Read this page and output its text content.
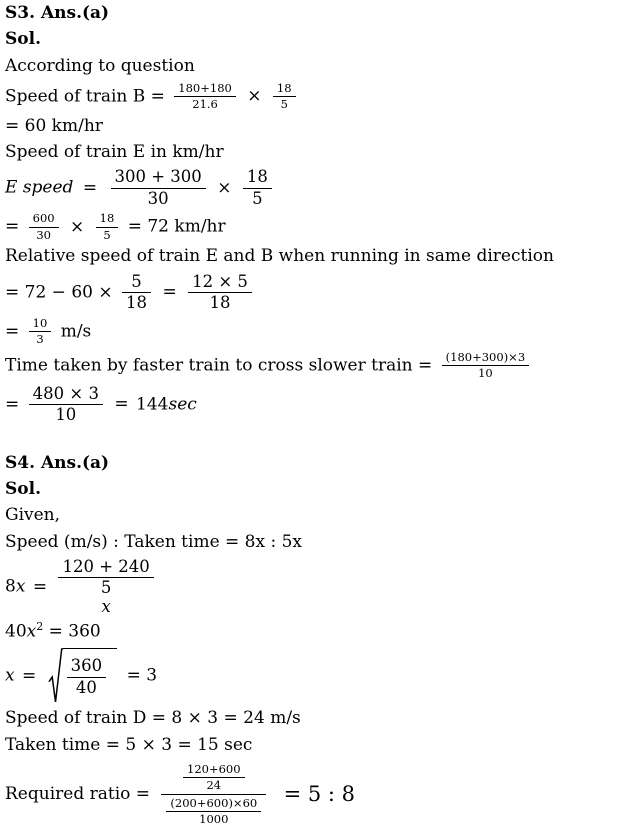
S3. Ans.(a)
Sol.
According to question
Speed of train $B = \frac{180+180}{21.6} \times \frac{18}{5}$
= 60 km/hr
Speed of train E in km/hr
E speed = $\frac{300 + 300}{30} \times \frac{18}{5}$
= $\frac{600}{30} \times \frac{18}{5} = 72$ km/hr
Relative speed of train E and B when running in same direction
= $72 - 60 \times \frac{5}{18} = \frac{12 \times 5}{18}$
= $\frac{10}{3} m/s$
Time taken by faster train to cross slower train = $\frac{(180+300)\times 3}{10}$
= $\frac{480 \times 3}{10} = 144\sec$
S4. Ans.(a)
Sol.
Given,
Speed (m/s) : Taken time = 8x : 5x
8x = 120 + 240
5
x
$40x^2 = 360$
$x = \frac{360}{40} = 3$
Speed of train D = 8 × 3 = 24 m/s
Taken time = 5 × 3 = 15 sec
Required ratio = $\frac{\frac{120+600}{24}}{\frac{(200+600)\times 60}{1000}} = 5$ : 8
